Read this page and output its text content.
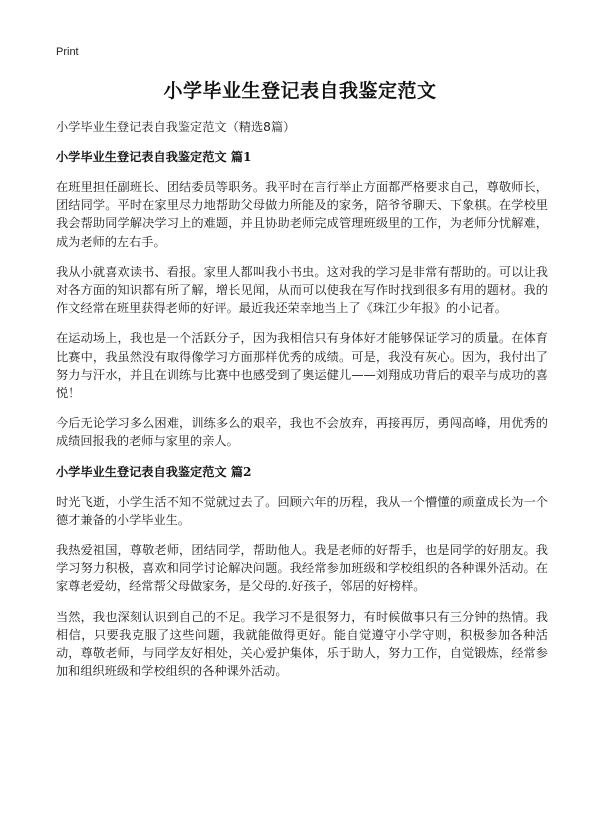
Print
小学毕业生登记表自我鉴定范文

小学毕业生登记表自我鉴定范文（精选8篇）

小学毕业生登记表自我鉴定范文 篇1

在班里担任副班长、团结委员等职务。我平时在言行举止方面都严格要求自己，尊敬师长，团结同学。平时在家里尽力地帮助父母做力所能及的家务，陪爷爷聊天、下象棋。在学校里我会帮助同学解决学习上的难题，并且协助老师完成管理班级里的工作，为老师分忧解难，成为老师的左右手。

我从小就喜欢读书、看报。家里人都叫我小书虫。这对我的学习是非常有帮助的。可以让我对各方面的知识都有所了解，增长见闻，从而可以使我在写作时找到很多有用的题材。我的作文经常在班里获得老师的好评。最近我还荣幸地当上了《珠江少年报》的小记者。

在运动场上，我也是一个活跃分子，因为我相信只有身体好才能够保证学习的质量。在体育比赛中，我虽然没有取得像学习方面那样优秀的成绩。可是，我没有灰心。因为，我付出了努力与汗水，并且在训练与比赛中也感受到了奥运健儿——刘翔成功背后的艰辛与成功的喜悦！

今后无论学习多么困难，训练多么的艰辛，我也不会放弃，再接再厉，勇闯高峰，用优秀的成绩回报我的老师与家里的亲人。

小学毕业生登记表自我鉴定范文 篇2

时光飞逝，小学生活不知不觉就过去了。回顾六年的历程，我从一个懵懂的顽童成长为一个德才兼备的小学毕业生。

我热爱祖国，尊敬老师，团结同学，帮助他人。我是老师的好帮手，也是同学的好朋友。我学习努力积极，喜欢和同学讨论解决问题。我经常参加班级和学校组织的各种课外活动。在家尊老爱幼，经常帮父母做家务，是父母的.好孩子，邻居的好榜样。

当然，我也深刻认识到自己的不足。我学习不是很努力，有时候做事只有三分钟的热情。我相信，只要我克服了这些问题，我就能做得更好。能自觉遵守小学守则，积极参加各种活动，尊敬老师，与同学友好相处，关心爱护集体，乐于助人，努力工作，自觉锻炼，经常参加和组织班级和学校组织的各种课外活动。
